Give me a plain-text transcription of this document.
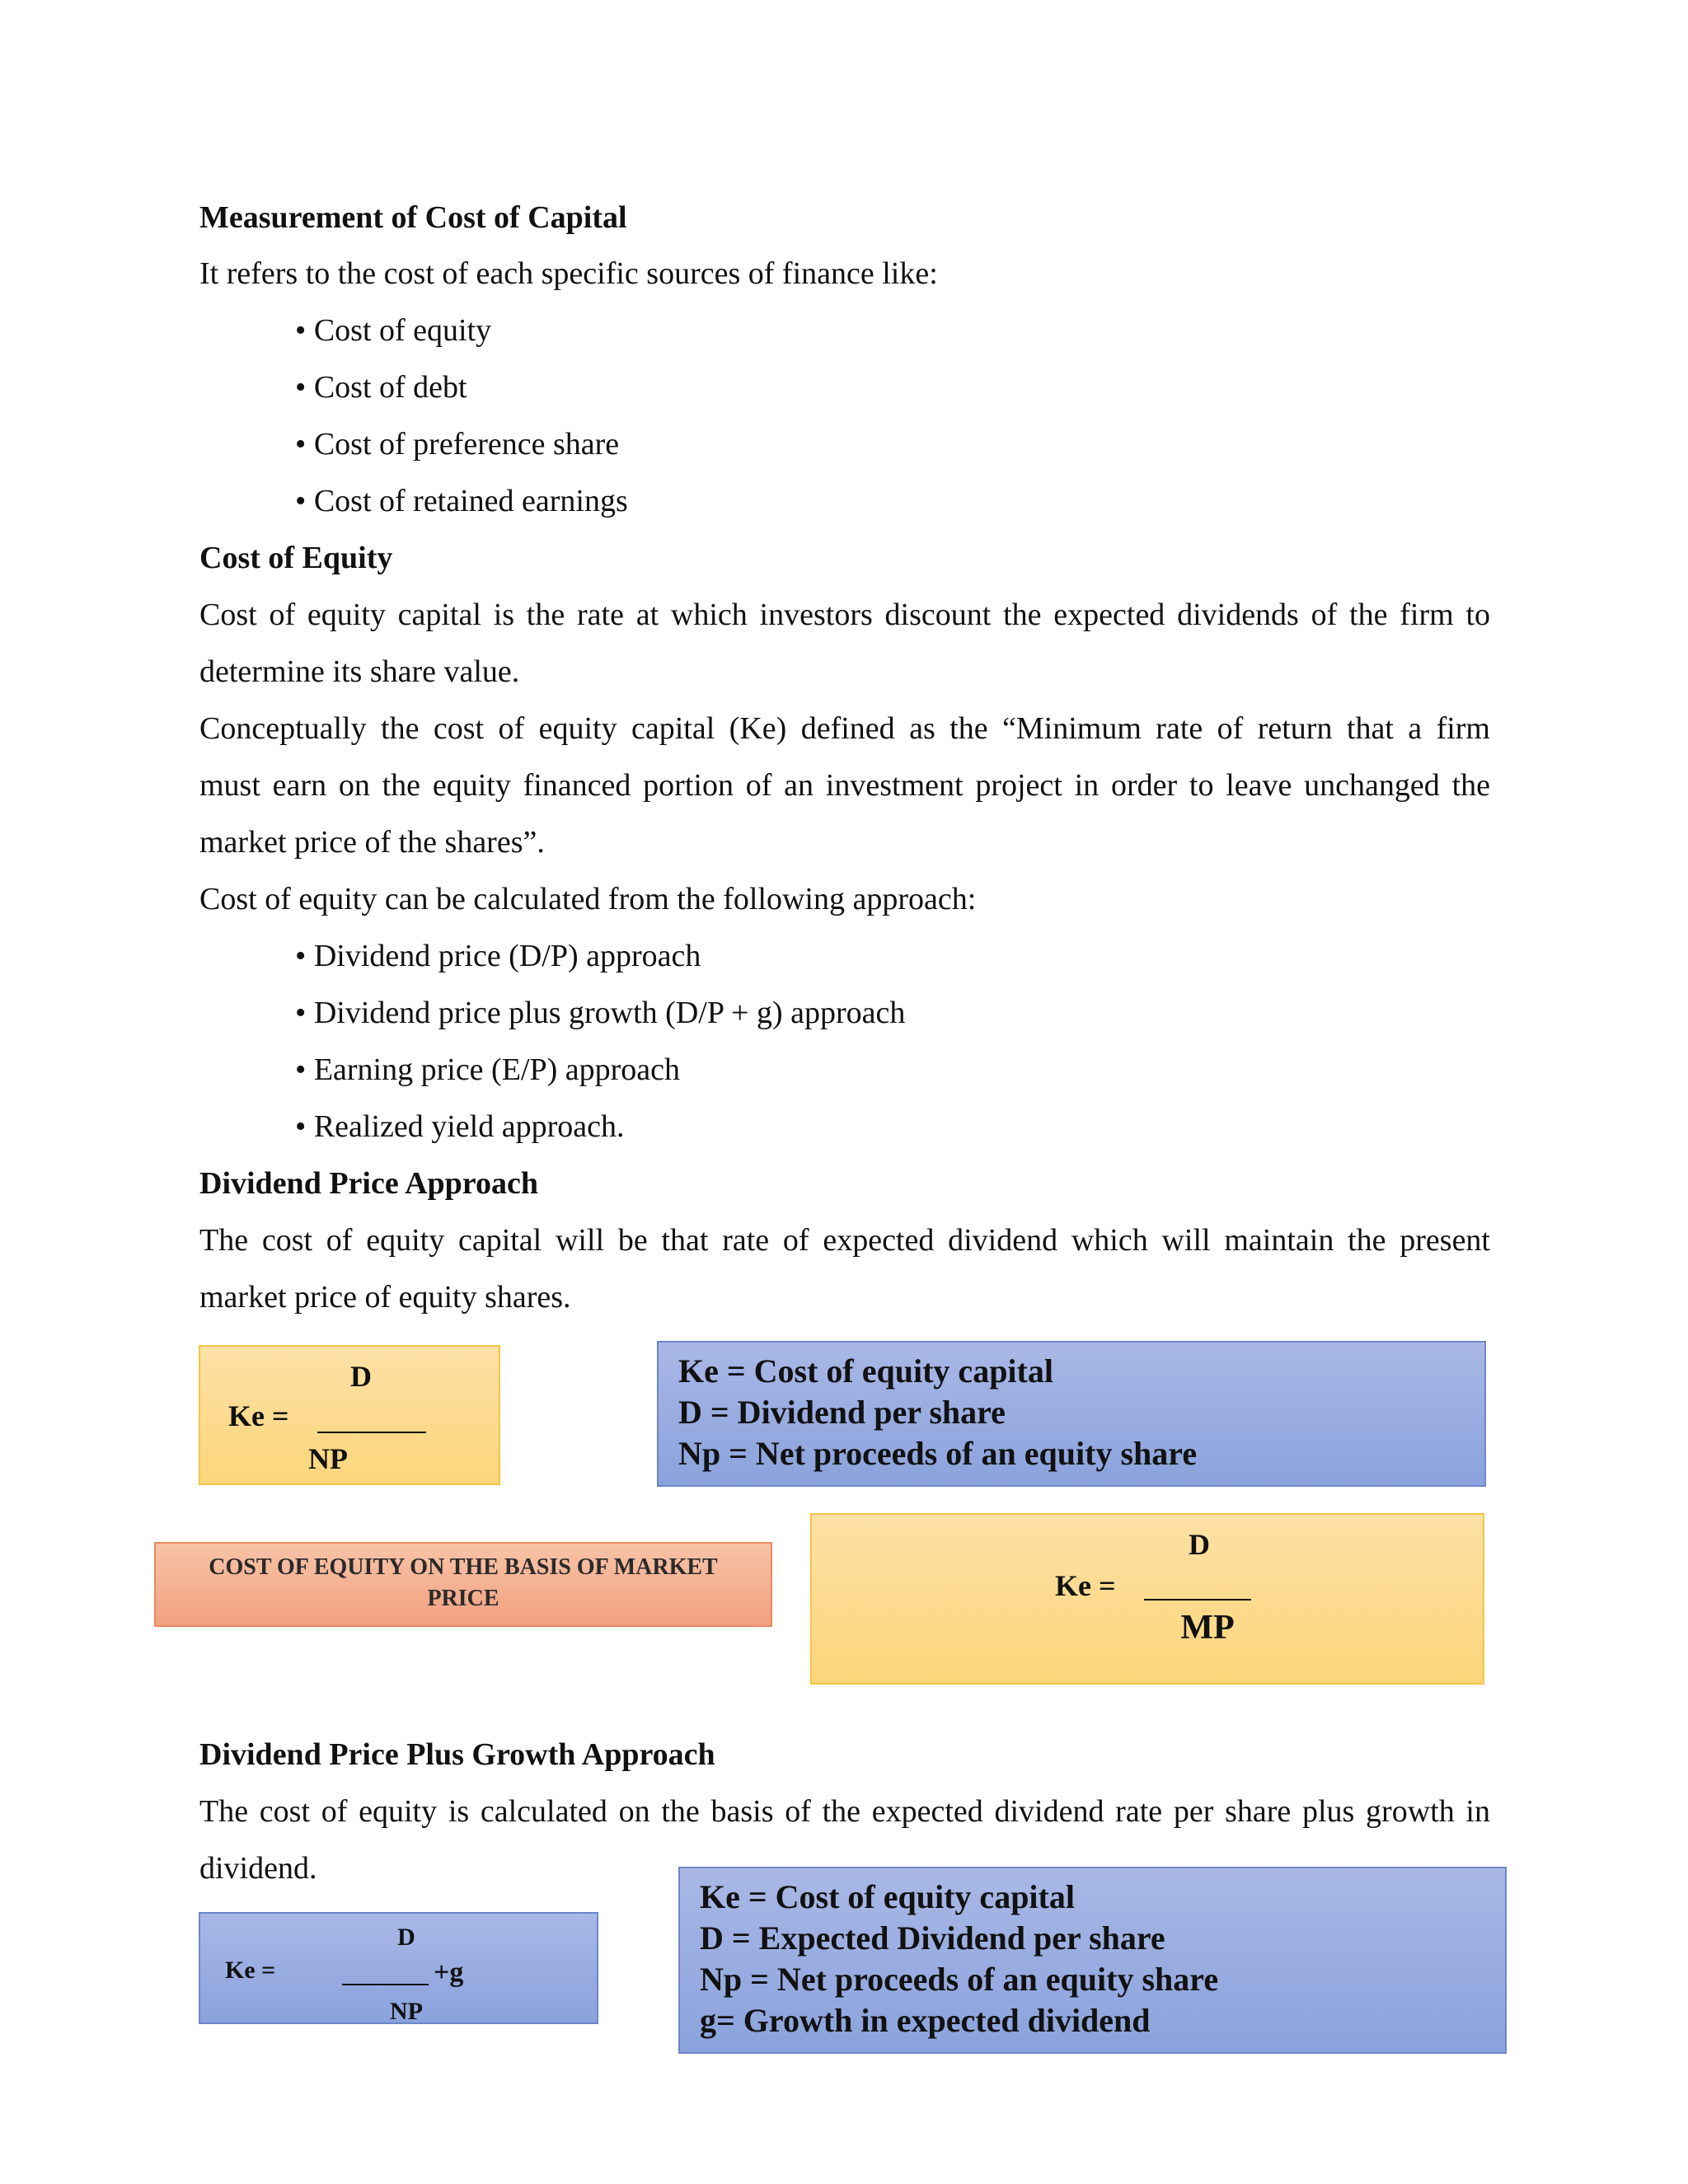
Measurement of Cost of Capital
It refers to the cost of each specific sources of finance like:
• Cost of equity
• Cost of debt
• Cost of preference share
• Cost of retained earnings
Cost of Equity
Cost of equity capital is the rate at which investors discount the expected dividends of the firm to
determine its share value.
Conceptually the cost of equity capital (Ke) defined as the “Minimum rate of return that a firm
must earn on the equity financed portion of an investment project in order to leave unchanged the
market price of the shares”.
Cost of equity can be calculated from the following approach:
• Dividend price (D/P) approach
• Dividend price plus growth (D/P + g) approach
• Earning price (E/P) approach
• Realized yield approach.
Dividend Price Approach
The cost of equity capital will be that rate of expected dividend which will maintain the present
market price of equity shares.
Ke =
D
NP
Ke = Cost of equity capital
D = Dividend per share
Np = Net proceeds of an equity share
COST OF EQUITY ON THE BASIS OF MARKET PRICE	Ke =
D
MP
Dividend Price Plus Growth Approach
The cost of equity is calculated on the basis of the expected dividend rate per share plus growth in
dividend.
Ke =
D
+g
NP
Ke = Cost of equity capital
D = Expected Dividend per share
Np = Net proceeds of an equity share
g= Growth in expected dividend
